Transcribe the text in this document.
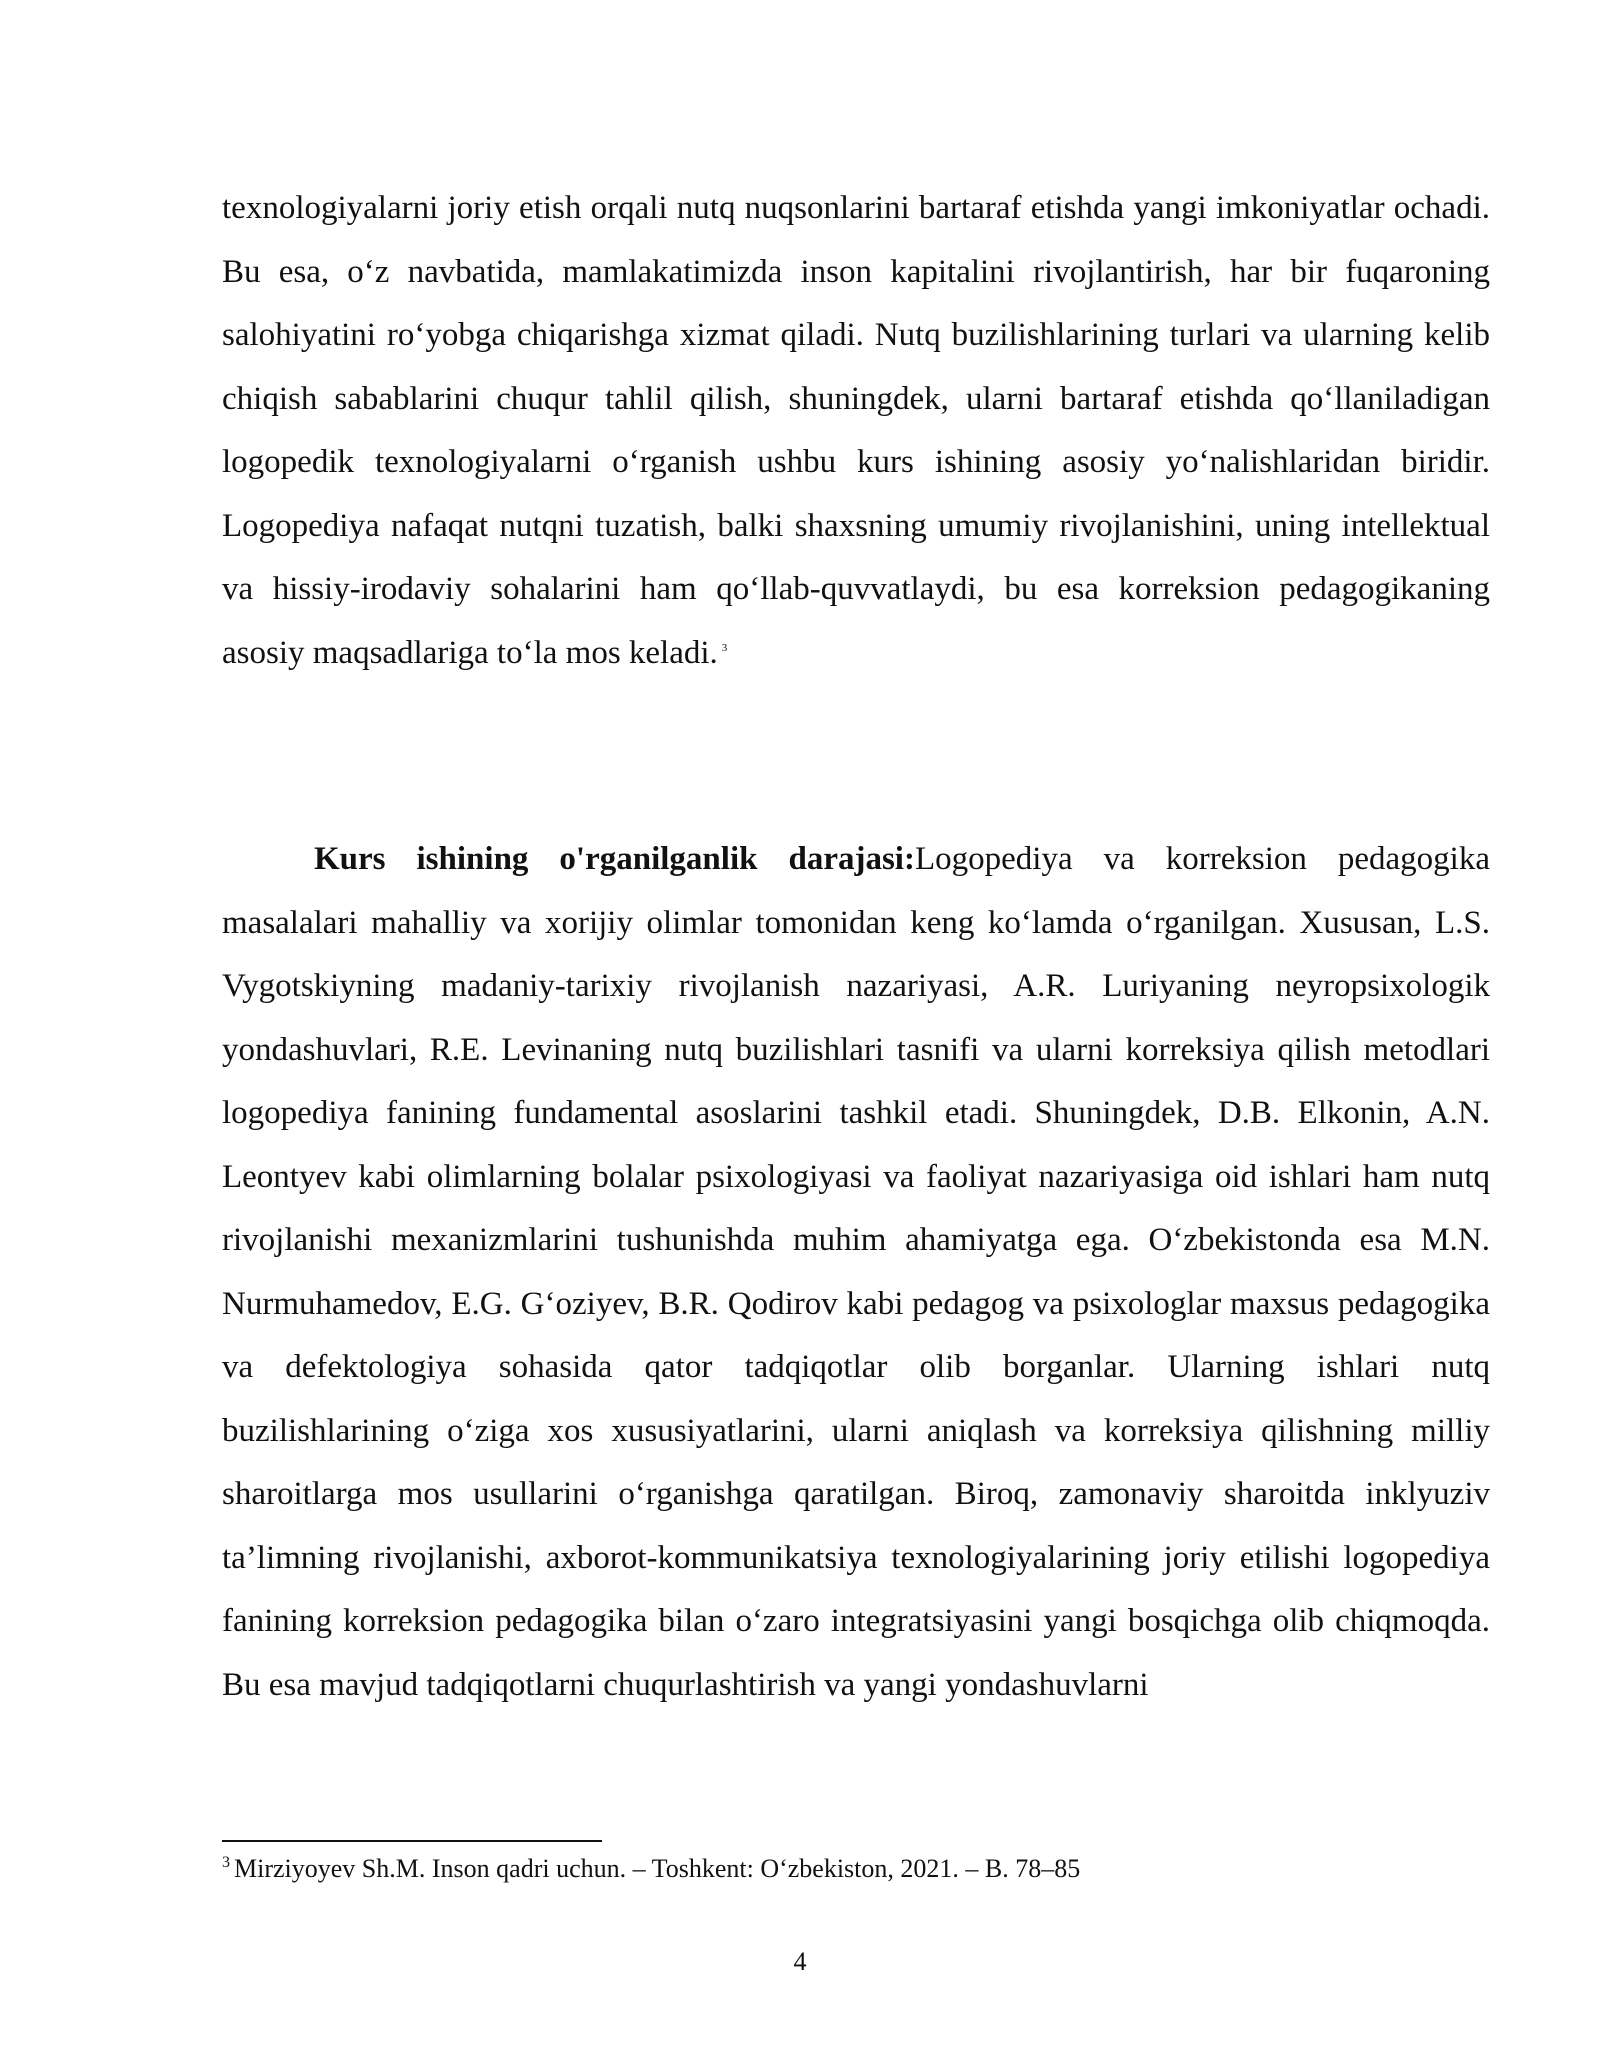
texnologiyalarni joriy etish orqali nutq nuqsonlarini bartaraf etishda yangi imkoniyatlar ochadi. Bu esa, o‘z navbatida, mamlakatimizda inson kapitalini rivojlantirish, har bir fuqaroning salohiyatini ro‘yobga chiqarishga xizmat qiladi. Nutq buzilishlarining turlari va ularning kelib chiqish sabablarini chuqur tahlil qilish, shuningdek, ularni bartaraf etishda qo‘llaniladigan logopedik texnologiyalarni o‘rganish ushbu kurs ishining asosiy yo‘nalishlaridan biridir. Logopediya nafaqat nutqni tuzatish, balki shaxsning umumiy rivojlanishini, uning intellektual va hissiy-irodaviy sohalarini ham qo‘llab-quvvatlaydi, bu esa korreksion pedagogikaning asosiy maqsadlariga to‘la mos keladi. $^3$

Kurs ishining o'rganilganlik darajasi:Logopediya va korreksion pedagogika masalalari mahalliy va xorijiy olimlar tomonidan keng ko‘lamda o‘rganilgan. Xususan, L.S. Vygotskiyning madaniy-tarixiy rivojlanish nazariyasi, A.R. Luriyaning neyropsixologik yondashuvlari, R.E. Levinaning nutq buzilishlari tasnifi va ularni korreksiya qilish metodlari logopediya fanining fundamental asoslarini tashkil etadi. Shuningdek, D.B. Elkonin, A.N. Leontyev kabi olimlarning bolalar psixologiyasi va faoliyat nazariyasiga oid ishlari ham nutq rivojlanishi mexanizmlarini tushunishda muhim ahamiyatga ega. O‘zbekistonda esa M.N. Nurmuhamedov, E.G. G‘oziyev, B.R. Qodirov kabi pedagog va psixologlar maxsus pedagogika va defektologiya sohasida qator tadqiqotlar olib borganlar. Ularning ishlari nutq buzilishlarining o‘ziga xos xususiyatlarini, ularni aniqlash va korreksiya qilishning milliy sharoitlarga mos usullarini o‘rganishga qaratilgan. Biroq, zamonaviy sharoitda inklyuziv ta’limning rivojlanishi, axborot-kommunikatsiya texnologiyalarining joriy etilishi logopediya fanining korreksion pedagogika bilan o‘zaro integratsiyasini yangi bosqichga olib chiqmoqda. Bu esa mavjud tadqiqotlarni chuqurlashtirish va yangi yondashuvlarni

$^3$ Mirziyoyev Sh.M. Inson qadri uchun. – Toshkent: O‘zbekiston, 2021. – B. 78–85

4
